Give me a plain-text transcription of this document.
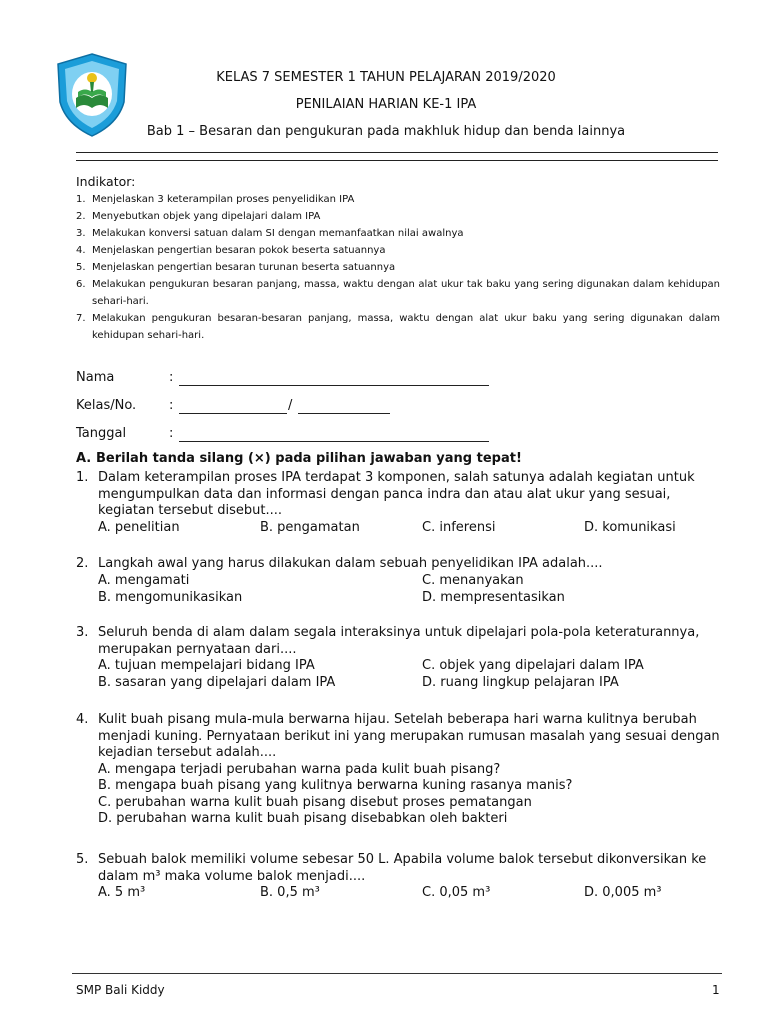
KELAS 7 SEMESTER 1 TAHUN PELAJARAN 2019/2020
PENILAIAN HARIAN KE-1 IPA
Bab 1 – Besaran dan pengukuran pada makhluk hidup dan benda lainnya
Indikator:
1. Menjelaskan 3 keterampilan proses penyelidikan IPA
2. Menyebutkan objek yang dipelajari dalam IPA
3. Melakukan konversi satuan dalam SI dengan memanfaatkan nilai awalnya
4. Menjelaskan pengertian besaran pokok beserta satuannya
5. Menjelaskan pengertian besaran turunan beserta satuannya
6. Melakukan pengukuran besaran panjang, massa, waktu dengan alat ukur tak baku yang sering digunakan dalam kehidupan sehari-hari.
7. Melakukan pengukuran besaran-besaran panjang, massa, waktu dengan alat ukur baku yang sering digunakan dalam kehidupan sehari-hari.
Nama	:
Kelas/No.	:	/
Tanggal	:
A. Berilah tanda silang (×) pada pilihan jawaban yang tepat!
1. Dalam keterampilan proses IPA terdapat 3 komponen, salah satunya adalah kegiatan untuk mengumpulkan data dan informasi dengan panca indra dan atau alat ukur yang sesuai, kegiatan tersebut disebut....
A. penelitian	B. pengamatan	C. inferensi	D. komunikasi
2. Langkah awal yang harus dilakukan dalam sebuah penyelidikan IPA adalah....
A. mengamati	C. menanyakan
B. mengomunikasikan	D. mempresentasikan
3. Seluruh benda di alam dalam segala interaksinya untuk dipelajari pola-pola keteraturannya, merupakan pernyataan dari....
A. tujuan mempelajari bidang IPA	C. objek yang dipelajari dalam IPA
B. sasaran yang dipelajari dalam IPA	D. ruang lingkup pelajaran IPA
4. Kulit buah pisang mula-mula berwarna hijau. Setelah beberapa hari warna kulitnya berubah menjadi kuning. Pernyataan berikut ini yang merupakan rumusan masalah yang sesuai dengan kejadian tersebut adalah....
A. mengapa terjadi perubahan warna pada kulit buah pisang?
B. mengapa buah pisang yang kulitnya berwarna kuning rasanya manis?
C. perubahan warna kulit buah pisang disebut proses pematangan
D. perubahan warna kulit buah pisang disebabkan oleh bakteri
5. Sebuah balok memiliki volume sebesar 50 L. Apabila volume balok tersebut dikonversikan ke dalam m³ maka volume balok menjadi....
A. 5 m³	B. 0,5 m³	C. 0,05 m³	D. 0,005 m³
SMP Bali Kiddy	1
